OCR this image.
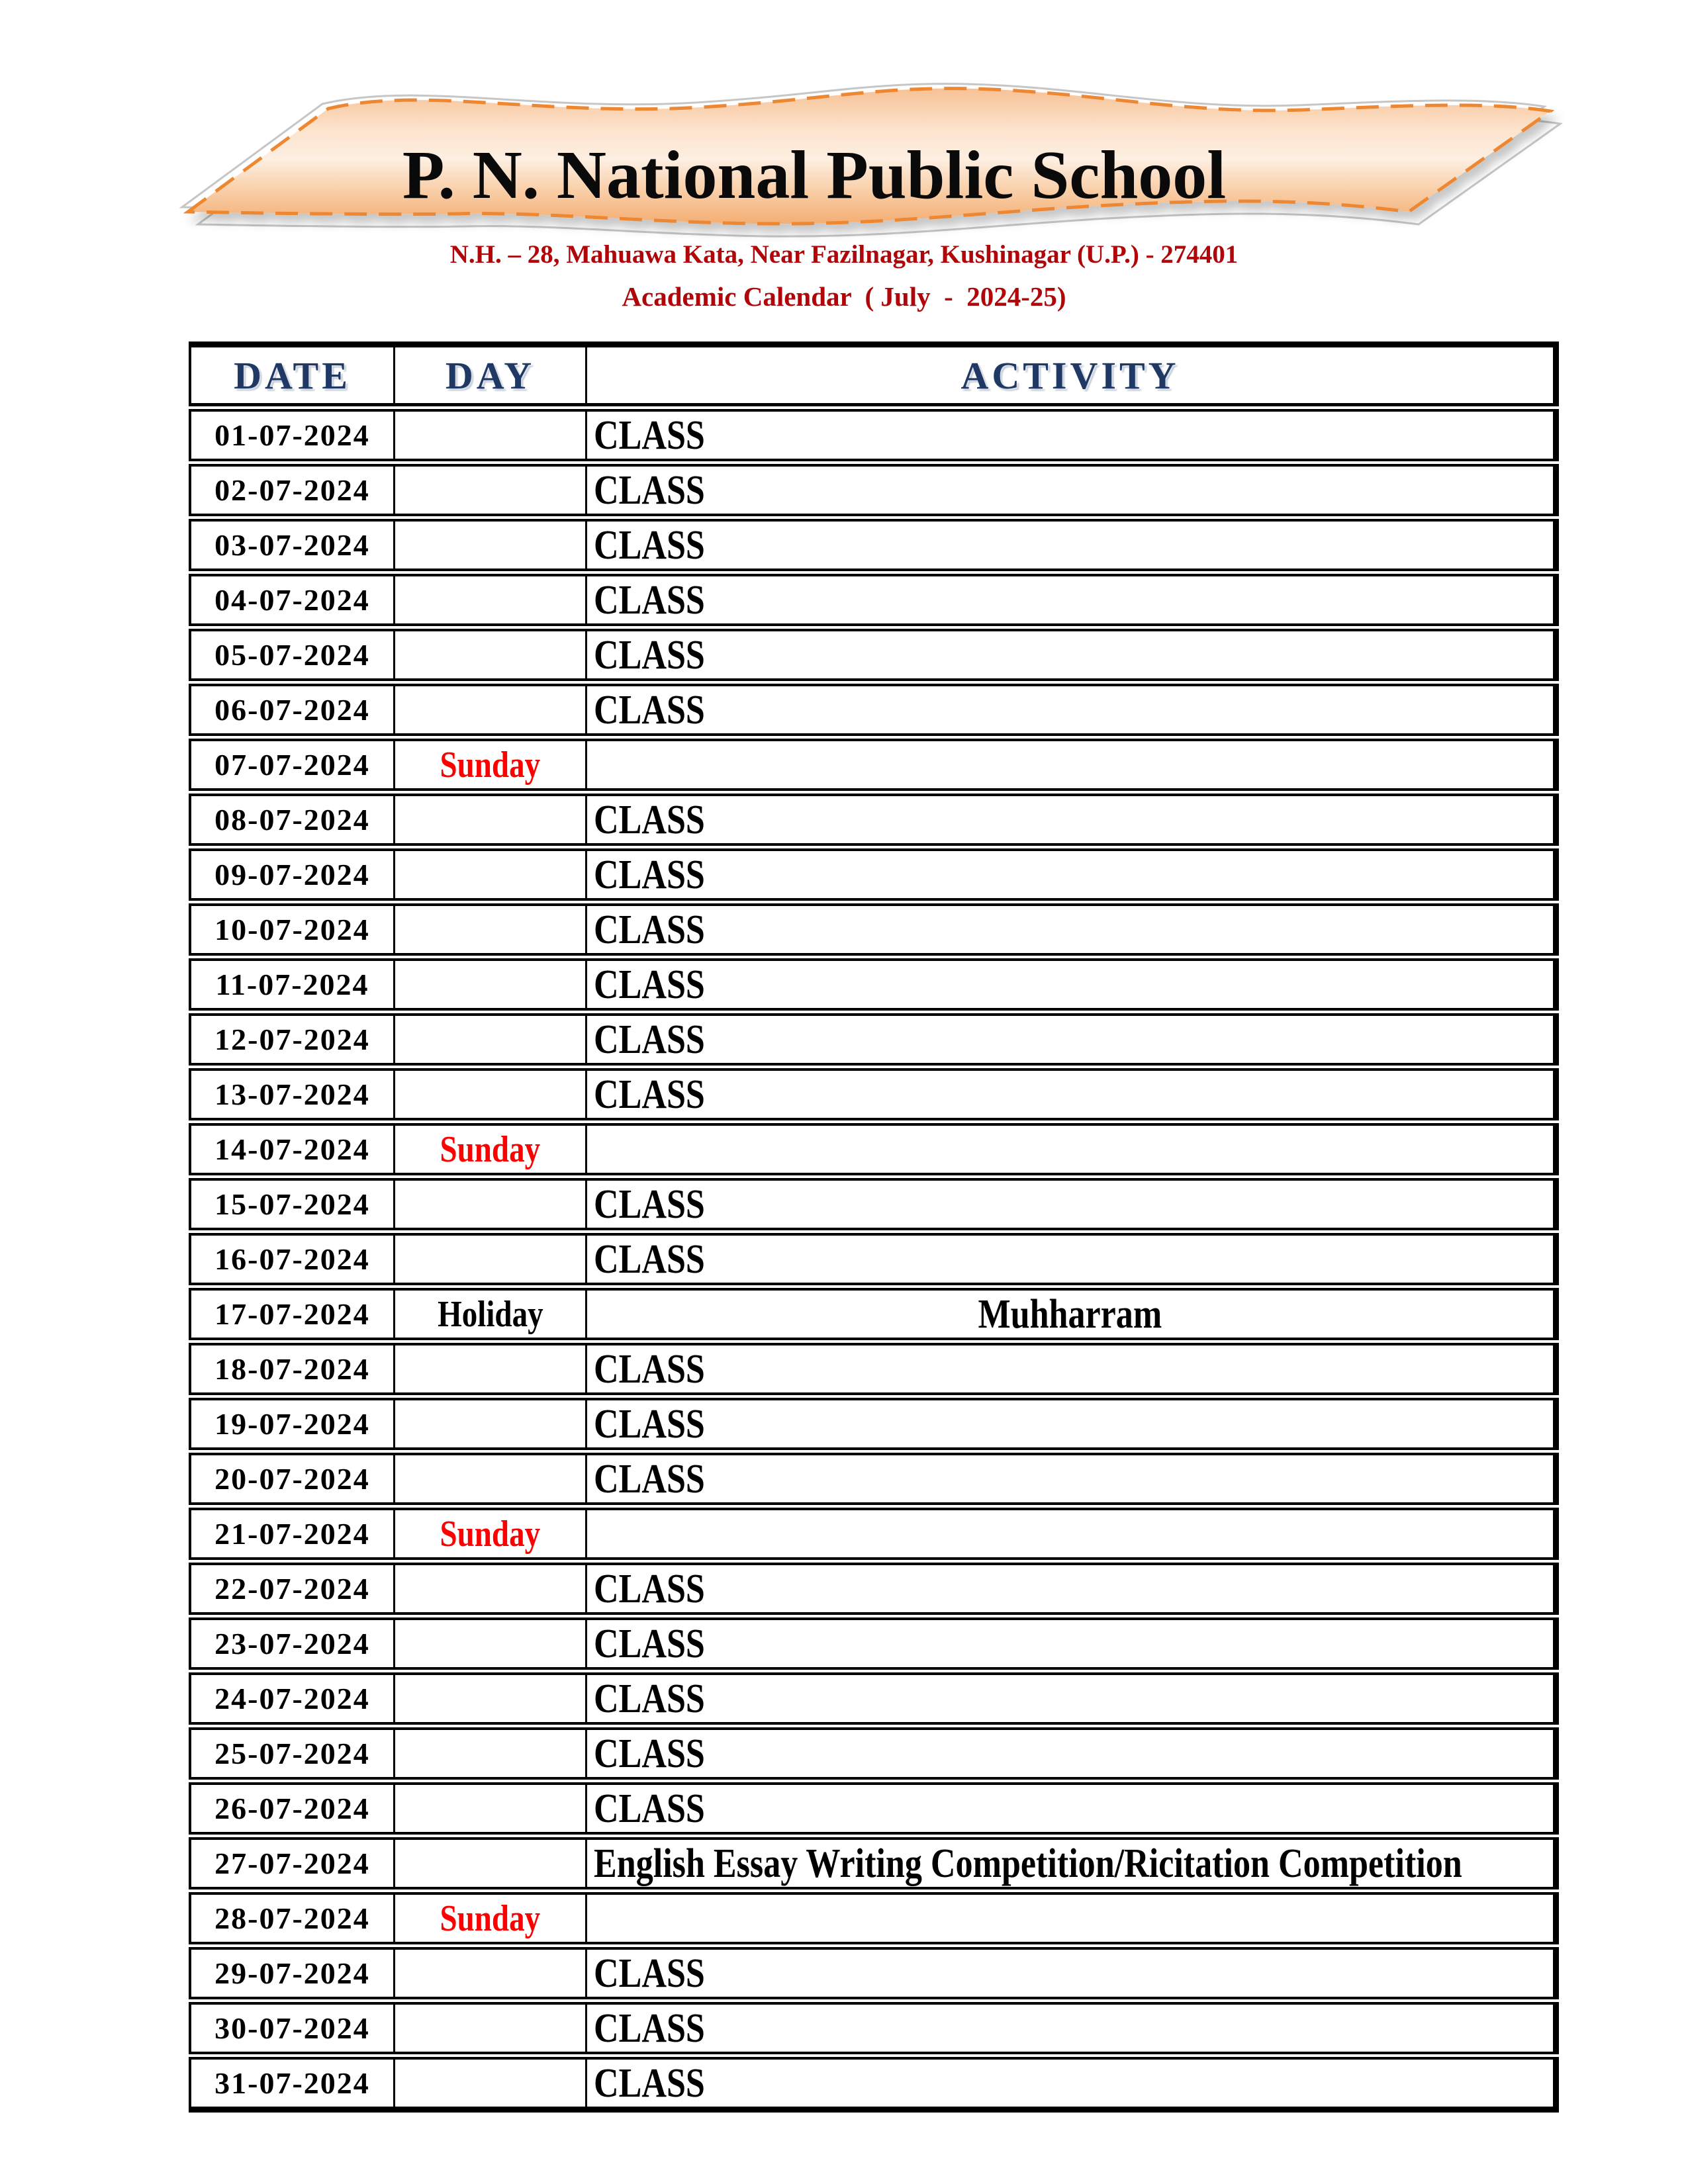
P. N. National Public School
N.H. – 28, Mahuawa Kata, Near Fazilnagar, Kushinagar (U.P.) - 274401
Academic Calendar  ( July  -  2024-25)
DATE	DAY	ACTIVITY
01-07-2024		CLASS
02-07-2024		CLASS
03-07-2024		CLASS
04-07-2024		CLASS
05-07-2024		CLASS
06-07-2024		CLASS
07-07-2024	Sunday	
08-07-2024		CLASS
09-07-2024		CLASS
10-07-2024		CLASS
11-07-2024		CLASS
12-07-2024		CLASS
13-07-2024		CLASS
14-07-2024	Sunday	
15-07-2024		CLASS
16-07-2024		CLASS
17-07-2024	Holiday	Muhharram
18-07-2024		CLASS
19-07-2024		CLASS
20-07-2024		CLASS
21-07-2024	Sunday	
22-07-2024		CLASS
23-07-2024		CLASS
24-07-2024		CLASS
25-07-2024		CLASS
26-07-2024		CLASS
27-07-2024		English Essay Writing Competition/Ricitation Competition
28-07-2024	Sunday	
29-07-2024		CLASS
30-07-2024		CLASS
31-07-2024		CLASS
